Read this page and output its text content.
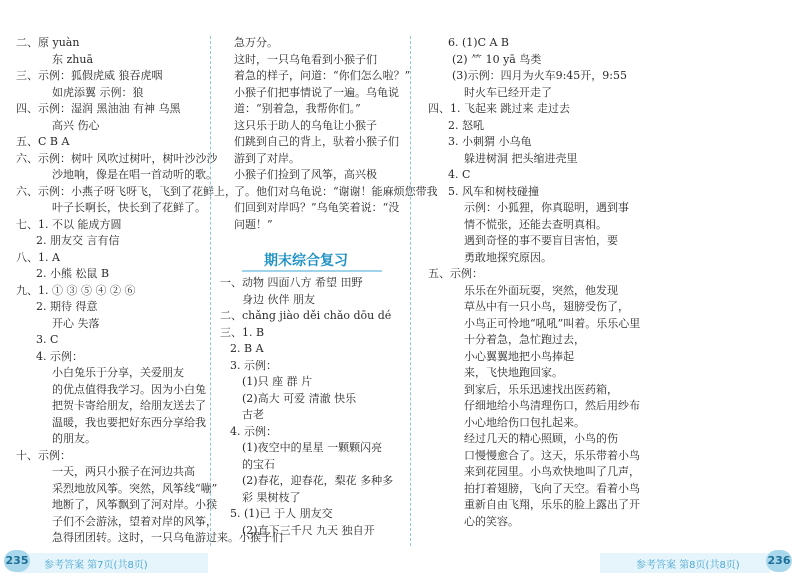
二、原 yuàn
东 zhuā
三、示例：狐假虎威 狼吞虎咽
如虎添翼 示例：狼
四、示例：湿润 黑油油 有神 乌黑
高兴 伤心
五、C B A
六、示例：树叶 风吹过树叶，树叶沙沙沙
沙地响，像是在唱一首动听的歌。
六、示例：小燕子呀飞呀飞，飞到了花鲜上，
叶子长啊长，快长到了花鲜了。
七、1. 不以 能成方圆
2. 朋友交 言有信
八、1. A
2. 小熊 松鼠 B
九、1. ① ③ ⑤ ④ ② ⑥
2. 期待 得意
开心 失落
3. C
4. 示例：
小白兔乐于分享，关爱朋友
的优点值得我学习。因为小白兔
把贺卡寄给朋友，给朋友送去了
温暖，我也要把好东西分享给我
的朋友。
十、示例：
一天，两只小猴子在河边共高
采烈地放风筝。突然，风筝线“嘣”
地断了，风筝飘到了河对岸。小猴
子们不会游泳，望着对岸的风筝，
急得团团转。这时，一只乌龟游过来。小猴子们
急万分。
这时，一只乌龟看到小猴子们
着急的样子，问道：“你们怎么啦？”
小猴子们把事情说了一遍。乌龟说
道：“别着急，我帮你们。”
这只乐于助人的乌龟让小猴子
们跳到自己的背上，驮着小猴子们
游到了对岸。
小猴子们捡到了风筝，高兴极
了。他们对乌龟说：“谢谢！能麻烦您带我
们回到对岸吗？”乌龟笑着说：“没
问题！”
期末综合复习
一、动物 四面八方 希望 田野
身边 伙伴 朋友
二、chǎng jiào děi chǎo dōu dé
三、1. B
2. B A
3. 示例：
(1)只 座 群 片
(2)高大 可爱 清澈 快乐
古老
4. 示例：
(1)夜空中的星星 一颗颗闪亮
的宝石
(2)春花，迎春花，梨花 多种多
彩 果树枝了
5. (1)已 于人 朋友交
(2)直下三千尺 九天 独自开
6. (1)C A B
(2) ⺮ 10 yā 鸟类
(3)示例：四月为火车9:45开，9:55
时火车已经开走了
四、1. 飞起来 跳过来 走过去
2. 怒吼
3. 小刺猬 小乌龟
躲进树洞 把头缩进壳里
4. C
5. 风车和树枝碰撞
示例：小狐狸，你真聪明，遇到事
情不慌张，还能去查明真相。
遇到奇怪的事不要盲目害怕，要
勇敢地探究原因。
五、示例：
乐乐在外面玩耍，突然，他发现
草丛中有一只小鸟，翅膀受伤了，
小鸟正可怜地“吼吼”叫着。乐乐心里
十分着急，急忙跑过去，
小心翼翼地把小鸟捧起
来，飞快地跑回家。
到家后，乐乐迅速找出医药箱，
仔细地给小鸟清理伤口，然后用纱布
小心地给伤口包扎起来。
经过几天的精心照顾，小鸟的伤
口慢慢愈合了。这天，乐乐带着小鸟
来到花园里。小鸟欢快地叫了几声，
拍打着翅膀，飞向了天空。看着小鸟
重新自由飞翔，乐乐的脸上露出了开
心的笑容。
235 参考答案 第7页(共8页)	参考答案 第8页(共8页)	236
